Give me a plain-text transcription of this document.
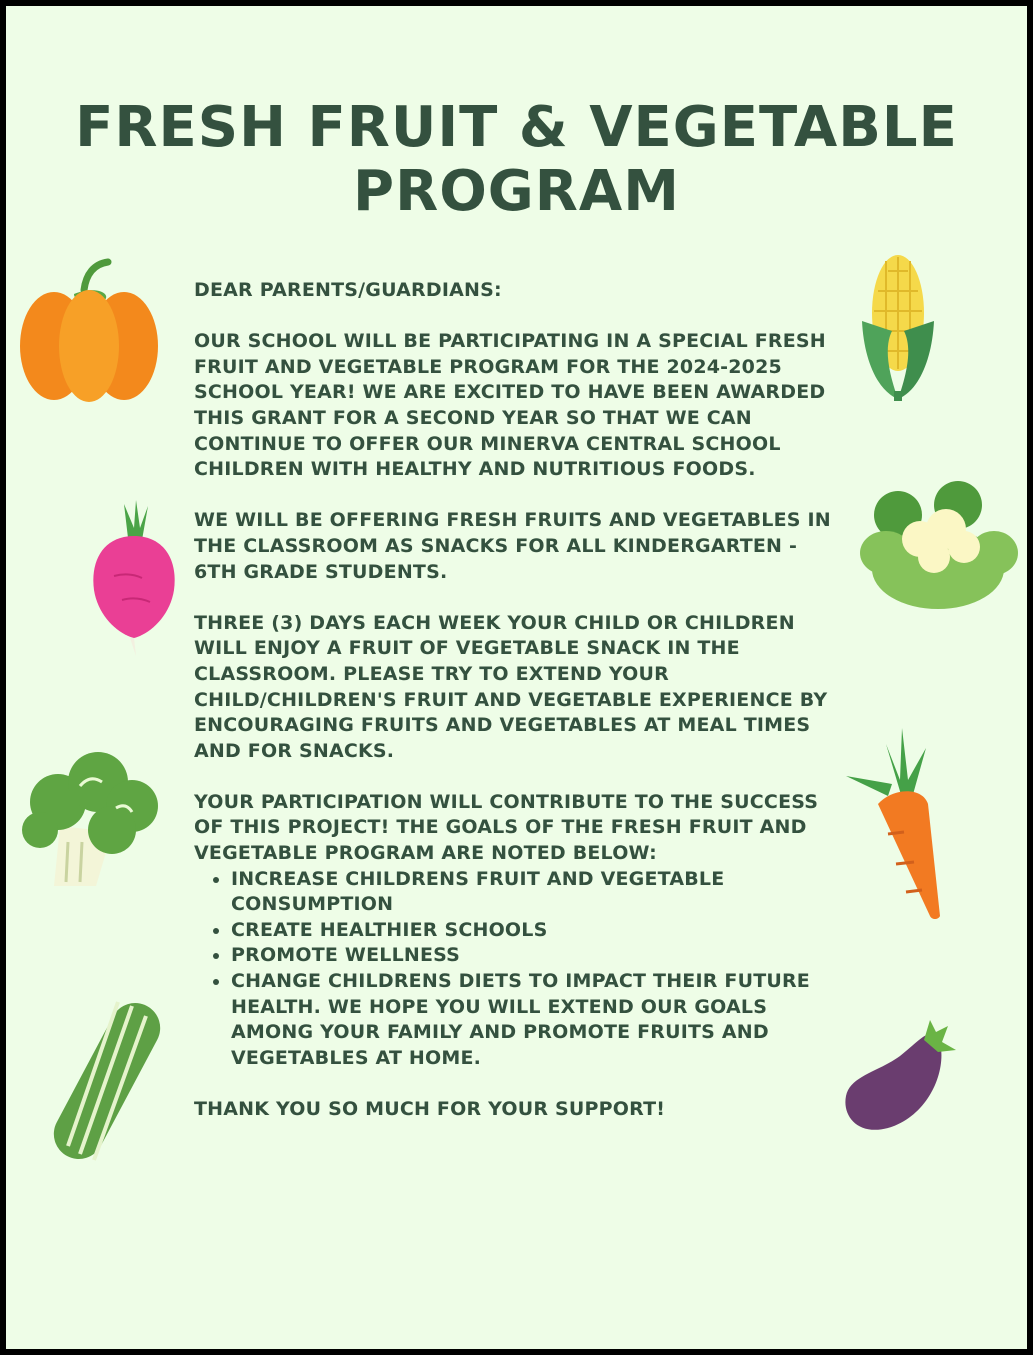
FRESH FRUIT & VEGETABLE PROGRAM

DEAR PARENTS/GUARDIANS:

OUR SCHOOL WILL BE PARTICIPATING IN A SPECIAL FRESH FRUIT AND VEGETABLE PROGRAM FOR THE 2024-2025 SCHOOL YEAR! WE ARE EXCITED TO HAVE BEEN AWARDED THIS GRANT FOR A SECOND YEAR SO THAT WE CAN CONTINUE TO OFFER OUR MINERVA CENTRAL SCHOOL CHILDREN WITH HEALTHY AND NUTRITIOUS FOODS.

WE WILL BE OFFERING FRESH FRUITS AND VEGETABLES IN THE CLASSROOM AS SNACKS FOR ALL KINDERGARTEN - 6TH GRADE STUDENTS.

THREE (3) DAYS EACH WEEK YOUR CHILD OR CHILDREN WILL ENJOY A FRUIT OF VEGETABLE SNACK IN THE CLASSROOM. PLEASE TRY TO EXTEND YOUR CHILD/CHILDREN'S FRUIT AND VEGETABLE EXPERIENCE BY ENCOURAGING FRUITS AND VEGETABLES AT MEAL TIMES AND FOR SNACKS.

YOUR PARTICIPATION WILL CONTRIBUTE TO THE SUCCESS OF THIS PROJECT! THE GOALS OF THE FRESH FRUIT AND VEGETABLE PROGRAM ARE NOTED BELOW:

• INCREASE CHILDRENS FRUIT AND VEGETABLE CONSUMPTION
• CREATE HEALTHIER SCHOOLS
• PROMOTE WELLNESS
• CHANGE CHILDRENS DIETS TO IMPACT THEIR FUTURE HEALTH. WE HOPE YOU WILL EXTEND OUR GOALS AMONG YOUR FAMILY AND PROMOTE FRUITS AND VEGETABLES AT HOME.

THANK YOU SO MUCH FOR YOUR SUPPORT!
